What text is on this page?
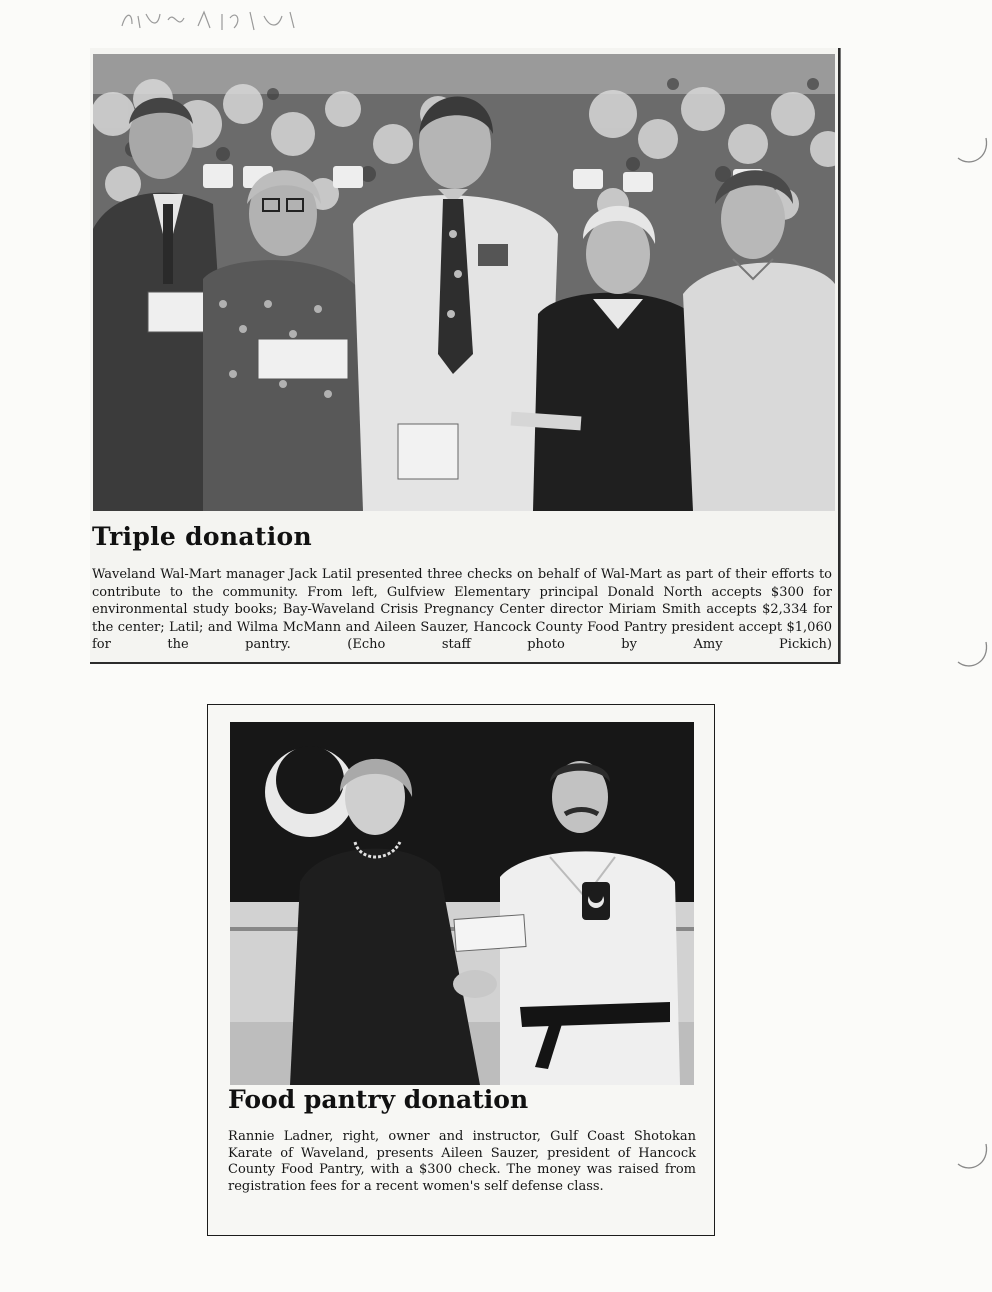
Triple donation

Waveland Wal-Mart manager Jack Latil presented three checks on behalf of Wal-Mart as part of their efforts to contribute to the community. From left, Gulfview Elementary principal Donald North accepts $300 for environmental study books; Bay-Waveland Crisis Pregnancy Center director Miriam Smith accepts $2,334 for the center; Latil; and Wilma McMann and Aileen Sauzer, Hancock County Food Pantry president accept $1,060 for the pantry. (Echo staff photo by Amy Pickich)

Food pantry donation

Rannie Ladner, right, owner and instructor, Gulf Coast Shotokan Karate of Waveland, presents Aileen Sauzer, president of Hancock County Food Pantry, with a $300 check. The money was raised from registration fees for a recent women's self defense class.
